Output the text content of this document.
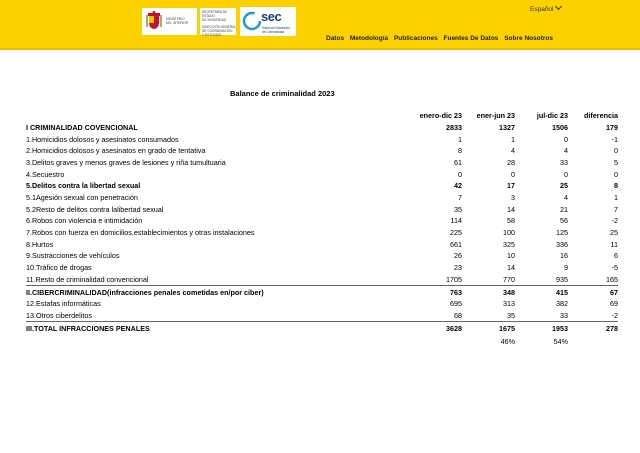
Español
MINISTERIO
DEL INTERIOR
SECRETARÍA DE ESTADO
DE SEGURIDAD
DIRECCIÓN GENERAL
DE COORDINACIÓN
Y ESTUDIOS
sec
Sistema Estadístico
de Criminalidad
Datos Metodología Publicaciones Fuentes De Datos Sobre Nosotros
Balance de criminalidad 2023
	enero-dic 23	ener-jun 23	jul-dic 23	diferencia
I CRIMINALIDAD COVENCIONAL	2833	1327	1506	179
1.Homicidios dolosos y asesinatos consumados	1	1	0	-1
2.Homicidios dolosos y asesinatos en grado de tentativa	8	4	4	0
3.Delitos graves y menos graves de lesiones y riña tumultuaria	61	28	33	5
4.Secuestro	0	0	0	0
5.Delitos contra la libertad sexual	42	17	25	8
5.1Agesión sexual con penetración	7	3	4	1
5.2Resto de delitos contra lalibertad sexual	35	14	21	7
6.Robos con violencia e intimidación	114	58	56	-2
7.Robos con fuerza en domicilios,establecimientos y otras instalaciones	225	100	125	25
8.Hurtos	661	325	336	11
9.Sustracciones de vehículos	26	10	16	6
10.Tráfico de drogas	23	14	9	-5
11.Resto de criminalidad convencional	1705	770	935	165
II.CIBERCRIMINALIDAD(infracciones penales cometidas en/por ciber)	763	348	415	67
12.Estafas informáticas	695	313	382	69
13.Otros ciberdelitos	68	35	33	-2
III.TOTAL INFRACCIONES PENALES	3628	1675	1953	278
		46%	54%	
